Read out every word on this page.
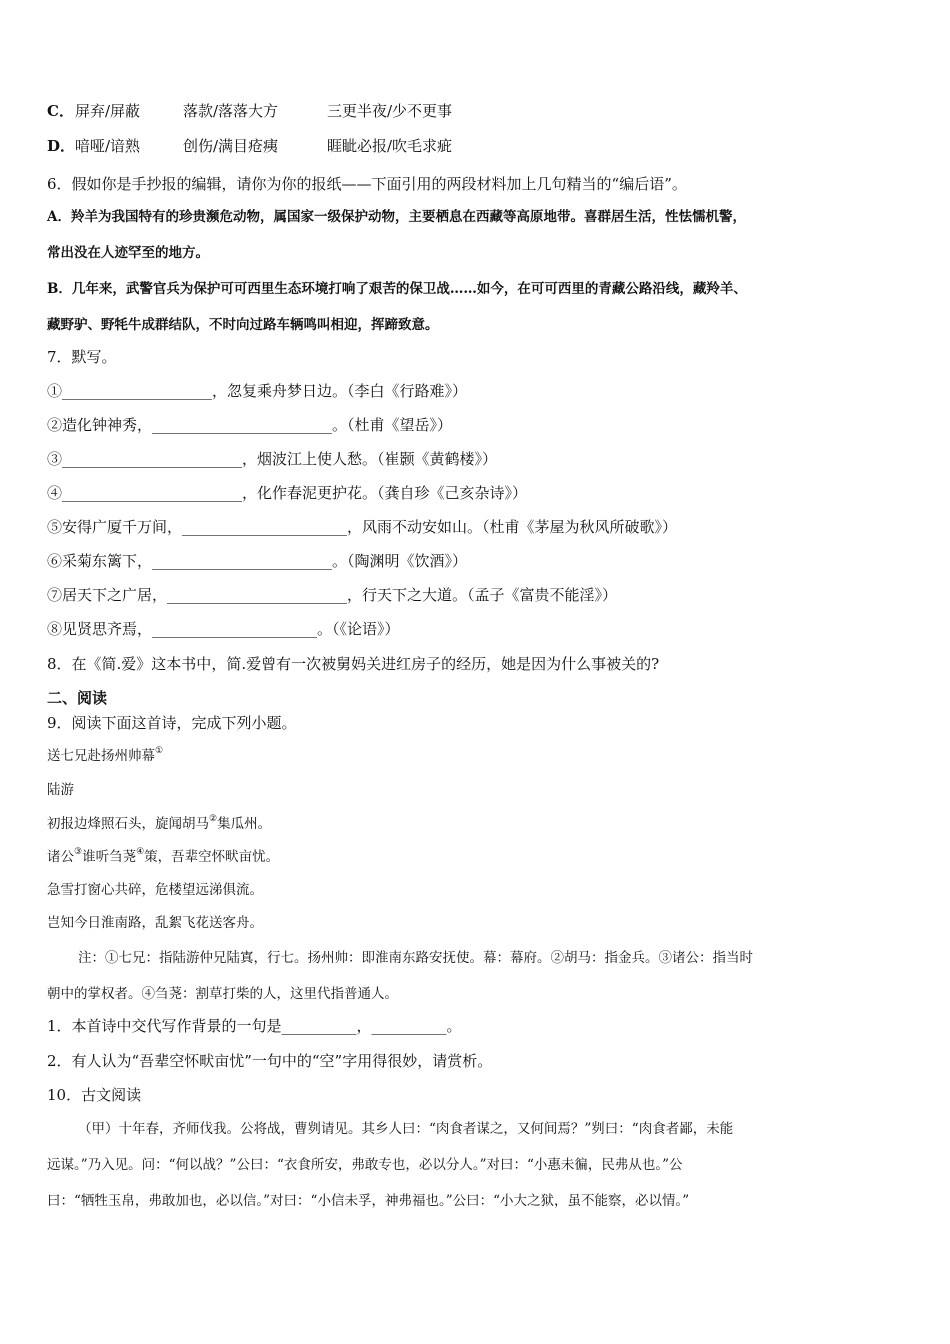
C．屏弃/屏蔽	落款/落落大方	三更半夜/少不更事
D．喑哑/谙熟	创伤/满目疮痍	睚眦必报/吹毛求疵
6．假如你是手抄报的编辑，请你为你的报纸——下面引用的两段材料加上几句精当的“编后语”。
A．羚羊为我国特有的珍贵濒危动物，属国家一级保护动物，主要栖息在西藏等高原地带。喜群居生活，性怯懦机警，
常出没在人迹罕至的地方。
B．几年来，武警官兵为保护可可西里生态环境打响了艰苦的保卫战……如今，在可可西里的青藏公路沿线，藏羚羊、
藏野驴、野牦牛成群结队，不时向过路车辆鸣叫相迎，挥蹄致意。
7．默写。
①____________________，忽复乘舟梦日边。（李白《行路难》）
②造化钟神秀，________________________。（杜甫《望岳》）
③________________________，烟波江上使人愁。（崔颢《黄鹤楼》）
④________________________，化作春泥更护花。（龚自珍《己亥杂诗》）
⑤安得广厦千万间，______________________，风雨不动安如山。（杜甫《茅屋为秋风所破歌》）
⑥采菊东篱下，________________________。（陶渊明《饮酒》）
⑦居天下之广居，________________________，行天下之大道。（孟子《富贵不能淫》）
⑧见贤思齐焉，______________________。（《论语》）
8．在《简.爱》这本书中，简.爱曾有一次被舅妈关进红房子的经历，她是因为什么事被关的?
二、阅读
9．阅读下面这首诗，完成下列小题。
送七兄赴扬州帅幕①
陆游
初报边烽照石头，旋闻胡马②集瓜州。
诸公③谁听刍荛④策，吾辈空怀畎亩忧。
急雪打窗心共碎，危楼望远涕俱流。
岂知今日淮南路，乱絮飞花送客舟。
注：①七兄：指陆游仲兄陆寘，行七。扬州帅：即淮南东路安抚使。幕：幕府。②胡马：指金兵。③诸公：指当时
朝中的掌权者。④刍荛：割草打柴的人，这里代指普通人。
1．本首诗中交代写作背景的一句是__________，__________。
2．有人认为“吾辈空怀畎亩忧”一句中的“空”字用得很妙，请赏析。
10．古文阅读
（甲）十年春，齐师伐我。公将战，曹刿请见。其乡人曰：“肉食者谋之，又何间焉？”刿曰：“肉食者鄙，未能
远谋。”乃入见。问：“何以战？”公曰：“衣食所安，弗敢专也，必以分人。”对曰：“小惠未徧，民弗从也。”公
曰：“牺牲玉帛，弗敢加也，必以信。”对曰：“小信未孚，神弗福也。”公曰：“小大之狱，虽不能察，必以情。”
